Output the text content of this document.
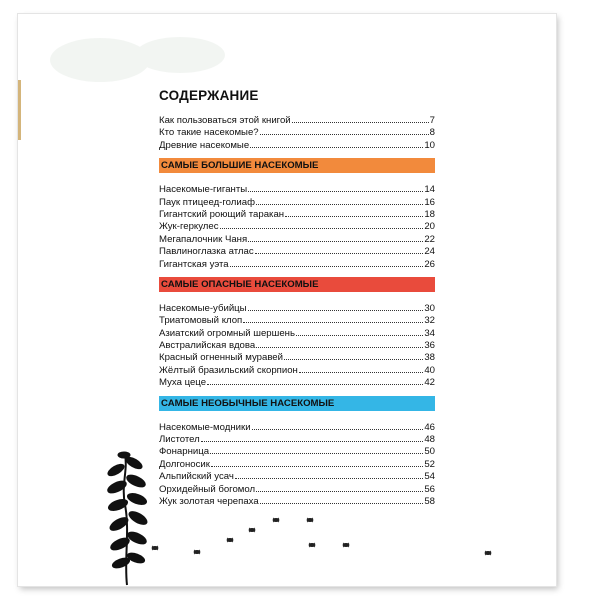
СОДЕРЖАНИЕ
Как пользоваться этой книгой	7
Кто такие насекомые?	8
Древние насекомые	10
САМЫЕ БОЛЬШИЕ НАСЕКОМЫЕ
Насекомые-гиганты	14
Паук птицеед-голиаф	16
Гигантский роющий таракан	18
Жук-геркулес	20
Мегапалочник Чаня	22
Павлиноглазка атлас	24
Гигантская уэта	26
САМЫЕ ОПАСНЫЕ НАСЕКОМЫЕ
Насекомые-убийцы	30
Триатомовый клоп	32
Азиатский огромный шершень	34
Австралийская вдова	36
Красный огненный муравей	38
Жёлтый бразильский скорпион	40
Муха цеце	42
САМЫЕ НЕОБЫЧНЫЕ НАСЕКОМЫЕ
Насекомые-модники	46
Листотел	48
Фонарница	50
Долгоносик	52
Альпийский усач	54
Орхидейный богомол	56
Жук золотая черепаха	58
